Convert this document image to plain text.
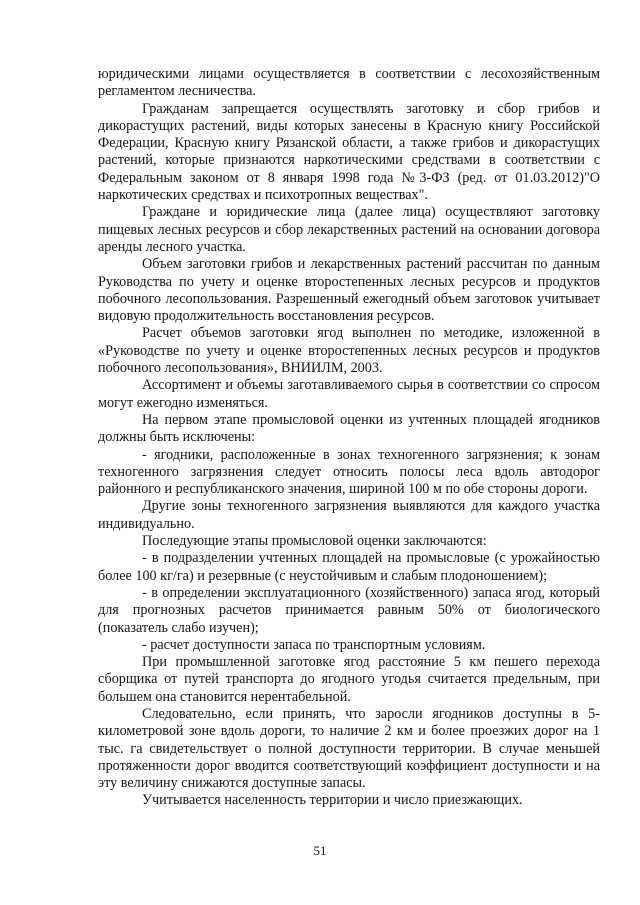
юридическими лицами осуществляется в соответствии с лесохозяйственным регламентом лесничества.

Гражданам запрещается осуществлять заготовку и сбор грибов и дикорастущих растений, виды которых занесены в Красную книгу Российской Федерации, Красную книгу Рязанской области, а также грибов и дикорастущих растений, которые признаются наркотическими средствами в соответствии с Федеральным законом от 8 января 1998 года №3-ФЗ (ред. от 01.03.2012)"О наркотических средствах и психотропных веществах".

Граждане и юридические лица (далее лица) осуществляют заготовку пищевых лесных ресурсов и сбор лекарственных растений на основании договора аренды лесного участка.

Объем заготовки грибов и лекарственных растений рассчитан по данным Руководства по учету и оценке второстепенных лесных ресурсов и продуктов побочного лесопользования. Разрешенный ежегодный объем заготовок учитывает видовую продолжительность восстановления ресурсов.

Расчет объемов заготовки ягод выполнен по методике, изложенной в «Руководстве по учету и оценке второстепенных лесных ресурсов и продуктов побочного лесопользования», ВНИИЛМ, 2003.

Ассортимент и объемы заготавливаемого сырья в соответствии со спросом могут ежегодно изменяться.

На первом этапе промысловой оценки из учтенных площадей ягодников должны быть исключены:

- ягодники, расположенные в зонах техногенного загрязнения; к зонам техногенного загрязнения следует относить полосы леса вдоль автодорог районного и республиканского значения, шириной 100 м по обе стороны дороги.

Другие зоны техногенного загрязнения выявляются для каждого участка индивидуально.

Последующие этапы промысловой оценки заключаются:

- в подразделении учтенных площадей на промысловые (с урожайностью более 100 кг/га) и резервные (с неустойчивым и слабым плодоношением);

- в определении эксплуатационного (хозяйственного) запаса ягод, который для прогнозных расчетов принимается равным 50% от биологического (показатель слабо изучен);

- расчет доступности запаса по транспортным условиям.

При промышленной заготовке ягод расстояние 5 км пешего перехода сборщика от путей транспорта до ягодного угодья считается предельным, при большем она становится нерентабельной.

Следовательно, если принять, что заросли ягодников доступны в 5-километровой зоне вдоль дороги, то наличие 2 км и более проезжих дорог на 1 тыс. га свидетельствует о полной доступности территории. В случае меньшей протяженности дорог вводится соответствующий коэффициент доступности и на эту величину снижаются доступные запасы.

Учитывается населенность территории и число приезжающих.

51
